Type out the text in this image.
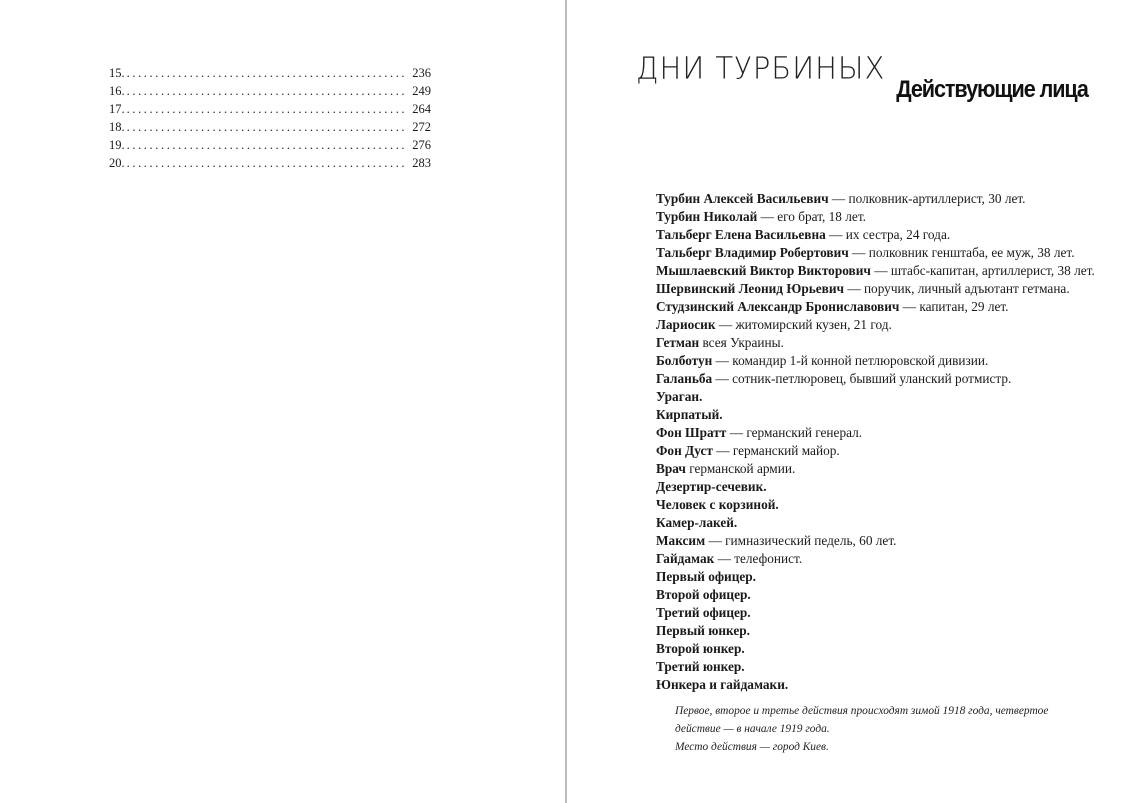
15. .....	236
16. .....	249
17. .....	264
18. .....	272
19. .....	276
20. .....	283
ДНИ ТУРБИНЫХ
Действующие лица
Турбин Алексей Васильевич — полковник-артиллерист, 30 лет.
Турбин Николай — его брат, 18 лет.
Тальберг Елена Васильевна — их сестра, 24 года.
Тальберг Владимир Робертович — полковник генштаба, ее муж, 38 лет.
Мышлаевский Виктор Викторович — штабс-капитан, артиллерист, 38 лет.
Шервинский Леонид Юрьевич — поручик, личный адъютант гетмана.
Студзинский Александр Брониславович — капитан, 29 лет.
Лариосик — житомирский кузен, 21 год.
Гетман всея Украины.
Болботун — командир 1-й конной петлюровской дивизии.
Галаньба — сотник-петлюровец, бывший уланский ротмистр.
Ураган.
Кирпатый.
Фон Шратт — германский генерал.
Фон Дуст — германский майор.
Врач германской армии.
Дезертир-сечевик.
Человек с корзиной.
Камер-лакей.
Максим — гимназический педель, 60 лет.
Гайдамак — телефонист.
Первый офицер.
Второй офицер.
Третий офицер.
Первый юнкер.
Второй юнкер.
Третий юнкер.
Юнкера и гайдамаки.

Первое, второе и третье действия происходят зимой 1918 года, четвертое

действие — в начале 1919 года.

Место действия — город Киев.
